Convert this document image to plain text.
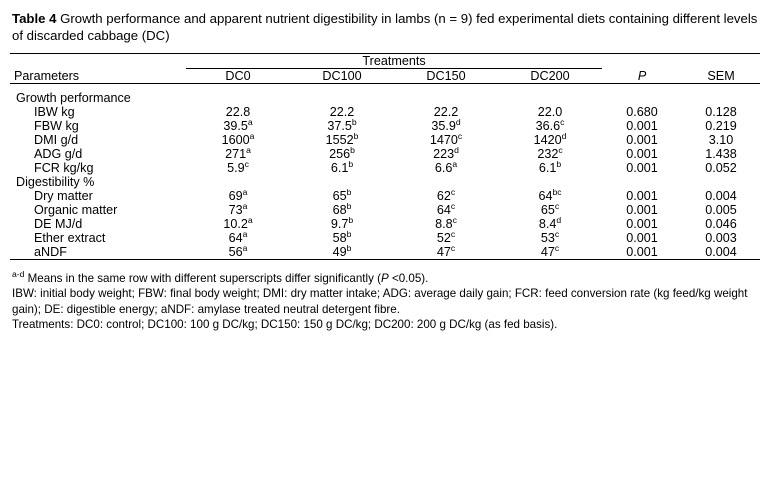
Table 4 Growth performance and apparent nutrient digestibility in lambs (n = 9) fed experimental diets containing different levels of discarded cabbage (DC)
Parameters	Treatments				P	SEM
	DC0	DC100	DC150	DC200		

Growth performance						
IBW kg	22.8	22.2	22.2	22.0	0.680	0.128
FBW kg	39.5$^a$	37.5$^b$	35.9$^d$	36.6$^c$	0.001	0.219
DMI g/d	1600$^a$	1552$^b$	1470$^c$	1420$^d$	0.001	3.10
ADG g/d	271$^a$	256$^b$	223$^d$	232$^c$	0.001	1.438
FCR kg/kg	5.9$^c$	6.1$^b$	6.6$^a$	6.1$^b$	0.001	0.052
Digestibility %						
Dry matter	69$^a$	65$^b$	62$^c$	$64^{bc}$	0.001	0.004
Organic matter	73$^a$	68$^b$	64$^c$	65$^c$	0.001	0.005
DE MJ/d	10.2$^a$	9.7$^b$	8.8$^c$	8.4$^d$	0.001	0.046
Ether extract	64$^a$	58$^b$	52$^c$	53$^c$	0.001	0.003
aNDF	56$^a$	49$^b$	47$^c$	47$^c$	0.001	0.004

$^{a-d}$ Means in the same row with different superscripts differ significantly (P <0.05).
IBW: initial body weight; FBW: final body weight; DMI: dry matter intake; ADG: average daily gain; FCR: feed conversion rate (kg feed/kg weight gain); DE: digestible energy; aNDF: amylase treated neutral detergent fibre.
Treatments: DC0: control; DC100: 100 g DC/kg; DC150: 150 g DC/kg; DC200: 200 g DC/kg (as fed basis).
